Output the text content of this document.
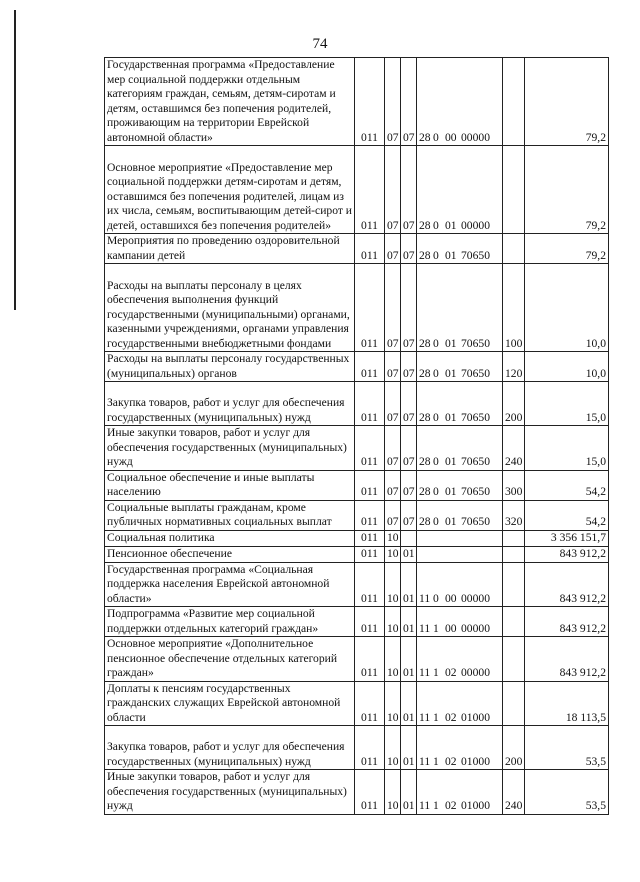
74
Государственная программа «Предоставление мер социальной поддержки отдельным категориям граждан, семьям, детям-сиротам и детям, оставшимся без попечения родителей, проживающим на территории Еврейской автономной области»	011	07	07	28 0 00 00000		79,2
Основное мероприятие «Предоставление мер социальной поддержки детям-сиротам и детям, оставшимся без попечения родителей, лицам из их числа, семьям, воспитывающим детей-сирот и детей, оставшихся без попечения родителей»	011	07	07	28 0 01 00000		79,2
Мероприятия по проведению оздоровительной кампании детей	011	07	07	28 0 01 70650		79,2
Расходы на выплаты персоналу в целях обеспечения выполнения функций государственными (муниципальными) органами, казенными учреждениями, органами управления государственными внебюджетными фондами	011	07	07	28 0 01 70650	100	10,0
Расходы на выплаты персоналу государственных (муниципальных) органов	011	07	07	28 0 01 70650	120	10,0
Закупка товаров, работ и услуг для обеспечения государственных (муниципальных) нужд	011	07	07	28 0 01 70650	200	15,0
Иные закупки товаров, работ и услуг для обеспечения государственных (муниципальных) нужд	011	07	07	28 0 01 70650	240	15,0
Социальное обеспечение и иные выплаты населению	011	07	07	28 0 01 70650	300	54,2
Социальные выплаты гражданам, кроме публичных нормативных социальных выплат	011	07	07	28 0 01 70650	320	54,2
Социальная политика	011	10				3 356 151,7
Пенсионное обеспечение	011	10	01			843 912,2
Государственная программа «Социальная поддержка населения Еврейской автономной области»	011	10	01	11 0 00 00000		843 912,2
Подпрограмма «Развитие мер социальной поддержки отдельных категорий граждан»	011	10	01	11 1 00 00000		843 912,2
Основное мероприятие «Дополнительное пенсионное обеспечение отдельных категорий граждан»	011	10	01	11 1 02 00000		843 912,2
Доплаты к пенсиям государственных гражданских служащих Еврейской автономной области	011	10	01	11 1 02 01000		18 113,5
Закупка товаров, работ и услуг для обеспечения государственных (муниципальных) нужд	011	10	01	11 1 02 01000	200	53,5
Иные закупки товаров, работ и услуг для обеспечения государственных (муниципальных) нужд	011	10	01	11 1 02 01000	240	53,5
